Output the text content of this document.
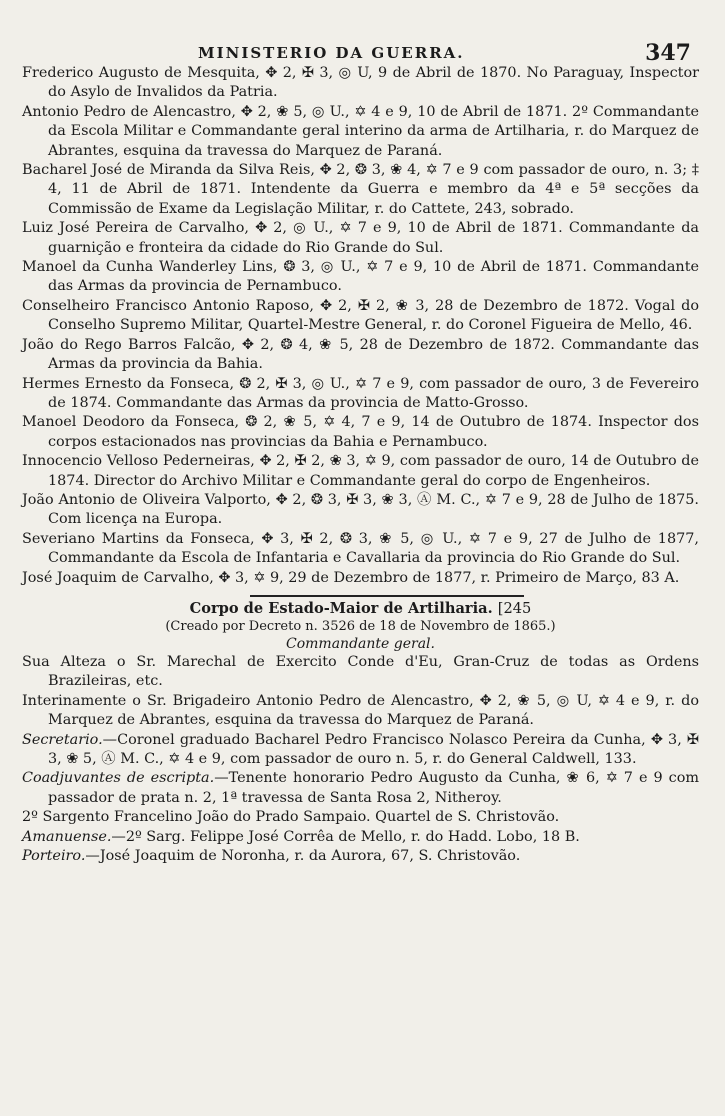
MINISTERIO DA GUERRA.	347

Frederico Augusto de Mesquita, ✥ 2, ✠ 3, ◎ U, 9 de Abril de 1870. No Paraguay, Inspector do Asylo de Invalidos da Patria.

Antonio Pedro de Alencastro, ✥ 2, ❀ 5, ◎ U., ✡ 4 e 9, 10 de Abril de 1871. 2º Commandante da Escola Militar e Commandante geral interino da arma de Artilharia, r. do Marquez de Abrantes, esquina da travessa do Marquez de Paraná.

Bacharel José de Miranda da Silva Reis, ✥ 2, ❂ 3, ❀ 4, ✡ 7 e 9 com passador de ouro, n. 3; ‡ 4, 11 de Abril de 1871. Intendente da Guerra e membro da 4ª e 5ª secções da Commissão de Exame da Legislação Militar, r. do Cattete, 243, sobrado.

Luiz José Pereira de Carvalho, ✥ 2, ◎ U., ✡ 7 e 9, 10 de Abril de 1871. Commandante da guarnição e fronteira da cidade do Rio Grande do Sul.

Manoel da Cunha Wanderley Lins, ❂ 3, ◎ U., ✡ 7 e 9, 10 de Abril de 1871. Commandante das Armas da provincia de Pernambuco.

Conselheiro Francisco Antonio Raposo, ✥ 2, ✠ 2, ❀ 3, 28 de Dezembro de 1872. Vogal do Conselho Supremo Militar, Quartel-Mestre General, r. do Coronel Figueira de Mello, 46.

João do Rego Barros Falcão, ✥ 2, ❂ 4, ❀ 5, 28 de Dezembro de 1872. Commandante das Armas da provincia da Bahia.

Hermes Ernesto da Fonseca, ❂ 2, ✠ 3, ◎ U., ✡ 7 e 9, com passador de ouro, 3 de Fevereiro de 1874. Commandante das Armas da provincia de Matto-Grosso.

Manoel Deodoro da Fonseca, ❂ 2, ❀ 5, ✡ 4, 7 e 9, 14 de Outubro de 1874. Inspector dos corpos estacionados nas provincias da Bahia e Pernambuco.

Innocencio Velloso Pederneiras, ✥ 2, ✠ 2, ❀ 3, ✡ 9, com passador de ouro, 14 de Outubro de 1874. Director do Archivo Militar e Commandante geral do corpo de Engenheiros.

João Antonio de Oliveira Valporto, ✥ 2, ❂ 3, ✠ 3, ❀ 3, Ⓐ M. C., ✡ 7 e 9, 28 de Julho de 1875. Com licença na Europa.

Severiano Martins da Fonseca, ✥ 3, ✠ 2, ❂ 3, ❀ 5, ◎ U., ✡ 7 e 9, 27 de Julho de 1877, Commandante da Escola de Infantaria e Cavallaria da provincia do Rio Grande do Sul.

José Joaquim de Carvalho, ✥ 3, ✡ 9, 29 de Dezembro de 1877, r. Primeiro de Março, 83 A.

Corpo de Estado-Maior de Artilharia. [245
(Creado por Decreto n. 3526 de 18 de Novembro de 1865.)
Commandante geral.

Sua Alteza o Sr. Marechal de Exercito Conde d'Eu, Gran-Cruz de todas as Ordens Brazileiras, etc.

Interinamente o Sr. Brigadeiro Antonio Pedro de Alencastro, ✥ 2, ❀ 5, ◎ U, ✡ 4 e 9, r. do Marquez de Abrantes, esquina da travessa do Marquez de Paraná.

Secretario.—Coronel graduado Bacharel Pedro Francisco Nolasco Pereira da Cunha, ✥ 3, ✠ 3, ❀ 5, Ⓐ M. C., ✡ 4 e 9, com passador de ouro n. 5, r. do General Caldwell, 133.

Coadjuvantes de escripta.—Tenente honorario Pedro Augusto da Cunha, ❀ 6, ✡ 7 e 9 com passador de prata n. 2, 1ª travessa de Santa Rosa 2, Nitheroy.

2º Sargento Francelino João do Prado Sampaio. Quartel de S. Christovão.

Amanuense.—2º Sarg. Felippe José Corrêa de Mello, r. do Hadd. Lobo, 18 B.

Porteiro.—José Joaquim de Noronha, r. da Aurora, 67, S. Christovão.
